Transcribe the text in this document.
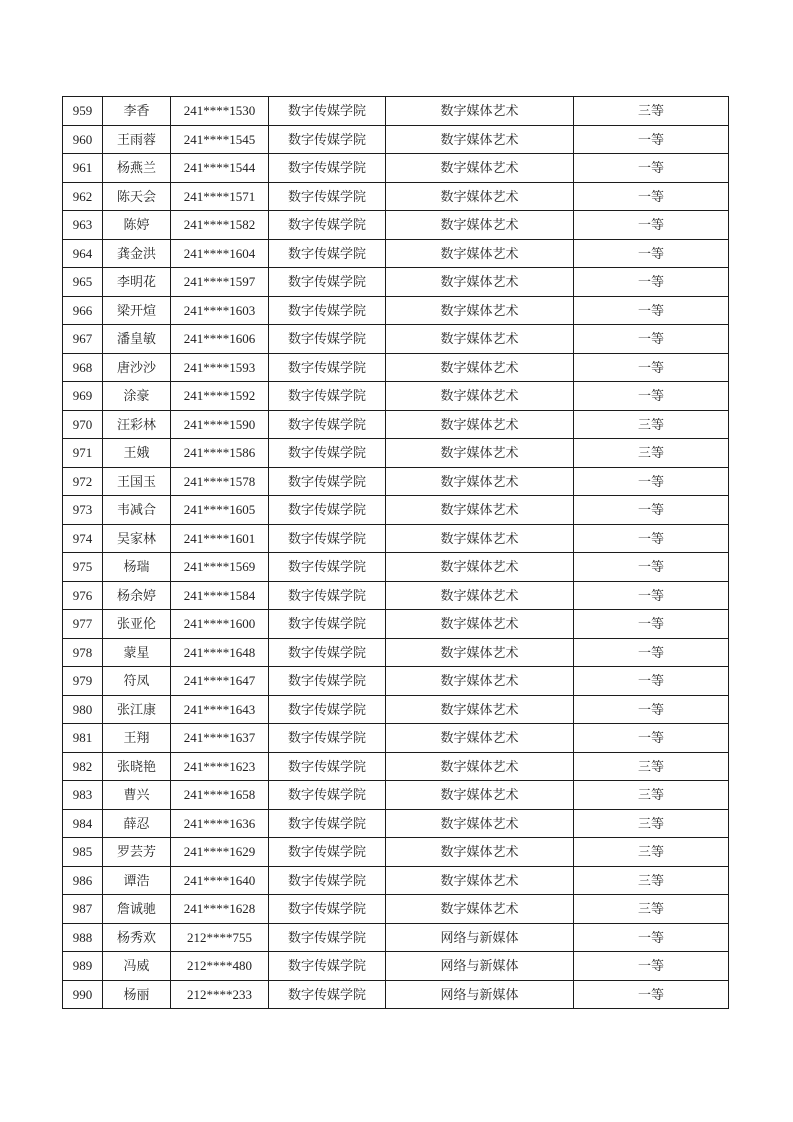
959	李香	241****1530	数字传媒学院	数字媒体艺术	三等
960	王雨蓉	241****1545	数字传媒学院	数字媒体艺术	一等
961	杨燕兰	241****1544	数字传媒学院	数字媒体艺术	一等
962	陈天会	241****1571	数字传媒学院	数字媒体艺术	一等
963	陈婷	241****1582	数字传媒学院	数字媒体艺术	一等
964	龚金洪	241****1604	数字传媒学院	数字媒体艺术	一等
965	李明花	241****1597	数字传媒学院	数字媒体艺术	一等
966	梁开煊	241****1603	数字传媒学院	数字媒体艺术	一等
967	潘皇敏	241****1606	数字传媒学院	数字媒体艺术	一等
968	唐沙沙	241****1593	数字传媒学院	数字媒体艺术	一等
969	涂豪	241****1592	数字传媒学院	数字媒体艺术	一等
970	汪彩林	241****1590	数字传媒学院	数字媒体艺术	三等
971	王娥	241****1586	数字传媒学院	数字媒体艺术	三等
972	王国玉	241****1578	数字传媒学院	数字媒体艺术	一等
973	韦减合	241****1605	数字传媒学院	数字媒体艺术	一等
974	吴家林	241****1601	数字传媒学院	数字媒体艺术	一等
975	杨瑞	241****1569	数字传媒学院	数字媒体艺术	一等
976	杨余婷	241****1584	数字传媒学院	数字媒体艺术	一等
977	张亚伦	241****1600	数字传媒学院	数字媒体艺术	一等
978	蒙星	241****1648	数字传媒学院	数字媒体艺术	一等
979	符凤	241****1647	数字传媒学院	数字媒体艺术	一等
980	张江康	241****1643	数字传媒学院	数字媒体艺术	一等
981	王翔	241****1637	数字传媒学院	数字媒体艺术	一等
982	张晓艳	241****1623	数字传媒学院	数字媒体艺术	三等
983	曹兴	241****1658	数字传媒学院	数字媒体艺术	三等
984	薛忍	241****1636	数字传媒学院	数字媒体艺术	三等
985	罗芸芳	241****1629	数字传媒学院	数字媒体艺术	三等
986	谭浩	241****1640	数字传媒学院	数字媒体艺术	三等
987	詹诚驰	241****1628	数字传媒学院	数字媒体艺术	三等
988	杨秀欢	212****755	数字传媒学院	网络与新媒体	一等
989	冯威	212****480	数字传媒学院	网络与新媒体	一等
990	杨丽	212****233	数字传媒学院	网络与新媒体	一等
